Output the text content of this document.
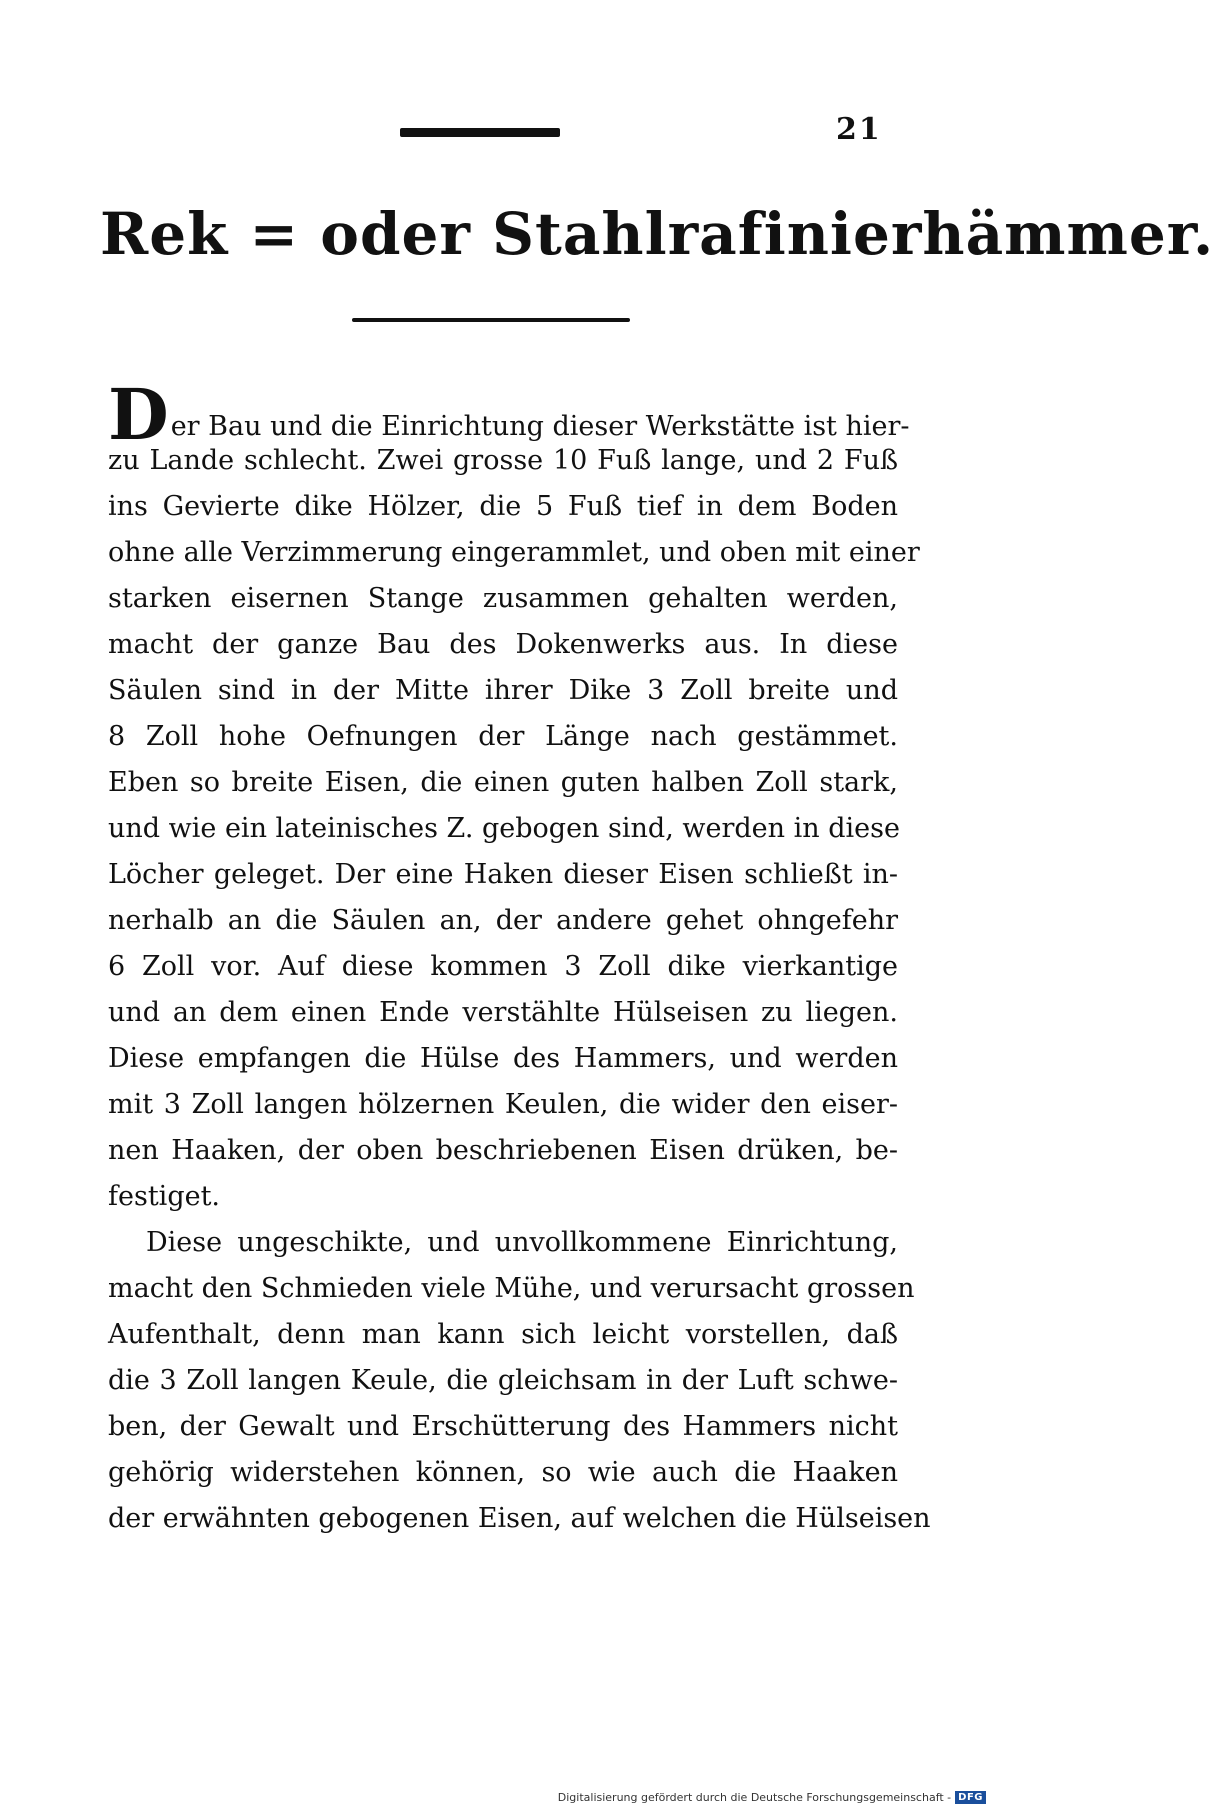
21
Rek = oder Stahlrafinierhämmer.
Der Bau und die Einrichtung dieser Werkstätte ist hier-
zu Lande schlecht. Zwei grosse 10 Fuß lange, und 2 Fuß
ins Gevierte dike Hölzer, die 5 Fuß tief in dem Boden
ohne alle Verzimmerung eingerammlet, und oben mit einer
starken eisernen Stange zusammen gehalten werden,
macht der ganze Bau des Dokenwerks aus. In diese
Säulen sind in der Mitte ihrer Dike 3 Zoll breite und
8 Zoll hohe Oefnungen der Länge nach gestämmet.
Eben so breite Eisen, die einen guten halben Zoll stark,
und wie ein lateinisches Z. gebogen sind, werden in diese
Löcher geleget. Der eine Haken dieser Eisen schließt in-
nerhalb an die Säulen an, der andere gehet ohngefehr
6 Zoll vor. Auf diese kommen 3 Zoll dike vierkantige
und an dem einen Ende verstählte Hülseisen zu liegen.
Diese empfangen die Hülse des Hammers, und werden
mit 3 Zoll langen hölzernen Keulen, die wider den eiser-
nen Haaken, der oben beschriebenen Eisen drüken, be-
festiget.
Diese ungeschikte, und unvollkommene Einrichtung,
macht den Schmieden viele Mühe, und verursacht grossen
Aufenthalt, denn man kann sich leicht vorstellen, daß
die 3 Zoll langen Keule, die gleichsam in der Luft schwe-
ben, der Gewalt und Erschütterung des Hammers nicht
gehörig widerstehen können, so wie auch die Haaken
der erwähnten gebogenen Eisen, auf welchen die Hülseisen
Digitalisierung gefördert durch die Deutsche Forschungsgemeinschaft - DFG
